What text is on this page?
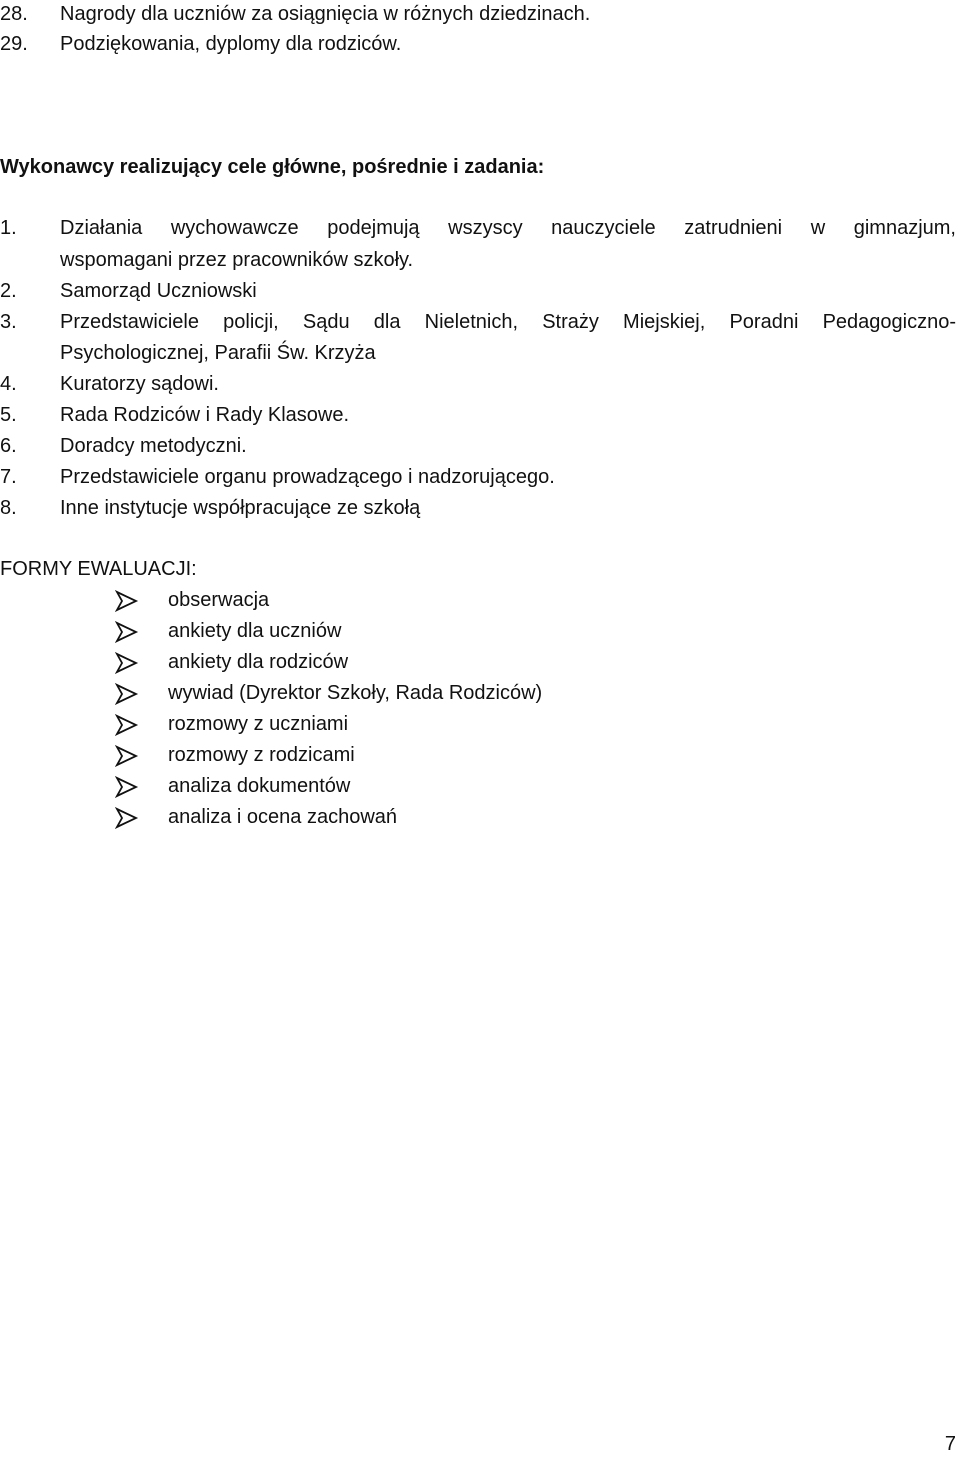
28. Nagrody dla uczniów za osiągnięcia w różnych dziedzinach.
29. Podziękowania, dyplomy dla rodziców.
Wykonawcy realizujący cele główne, pośrednie i zadania:
1. Działania wychowawcze podejmują wszyscy nauczyciele zatrudnieni w gimnazjum,
wspomagani przez pracowników szkoły.
2. Samorząd Uczniowski
3. Przedstawiciele policji, Sądu dla Nieletnich, Straży Miejskiej, Poradni Pedagogiczno-
Psychologicznej, Parafii Św. Krzyża
4. Kuratorzy sądowi.
5. Rada Rodziców i Rady Klasowe.
6. Doradcy metodyczni.
7. Przedstawiciele organu prowadzącego i nadzorującego.
8. Inne instytucje współpracujące ze szkołą
FORMY EWALUACJI:
obserwacja
ankiety dla uczniów
ankiety dla rodziców
wywiad (Dyrektor Szkoły, Rada Rodziców)
rozmowy z uczniami
rozmowy z rodzicami
analiza dokumentów
analiza i ocena zachowań
7
